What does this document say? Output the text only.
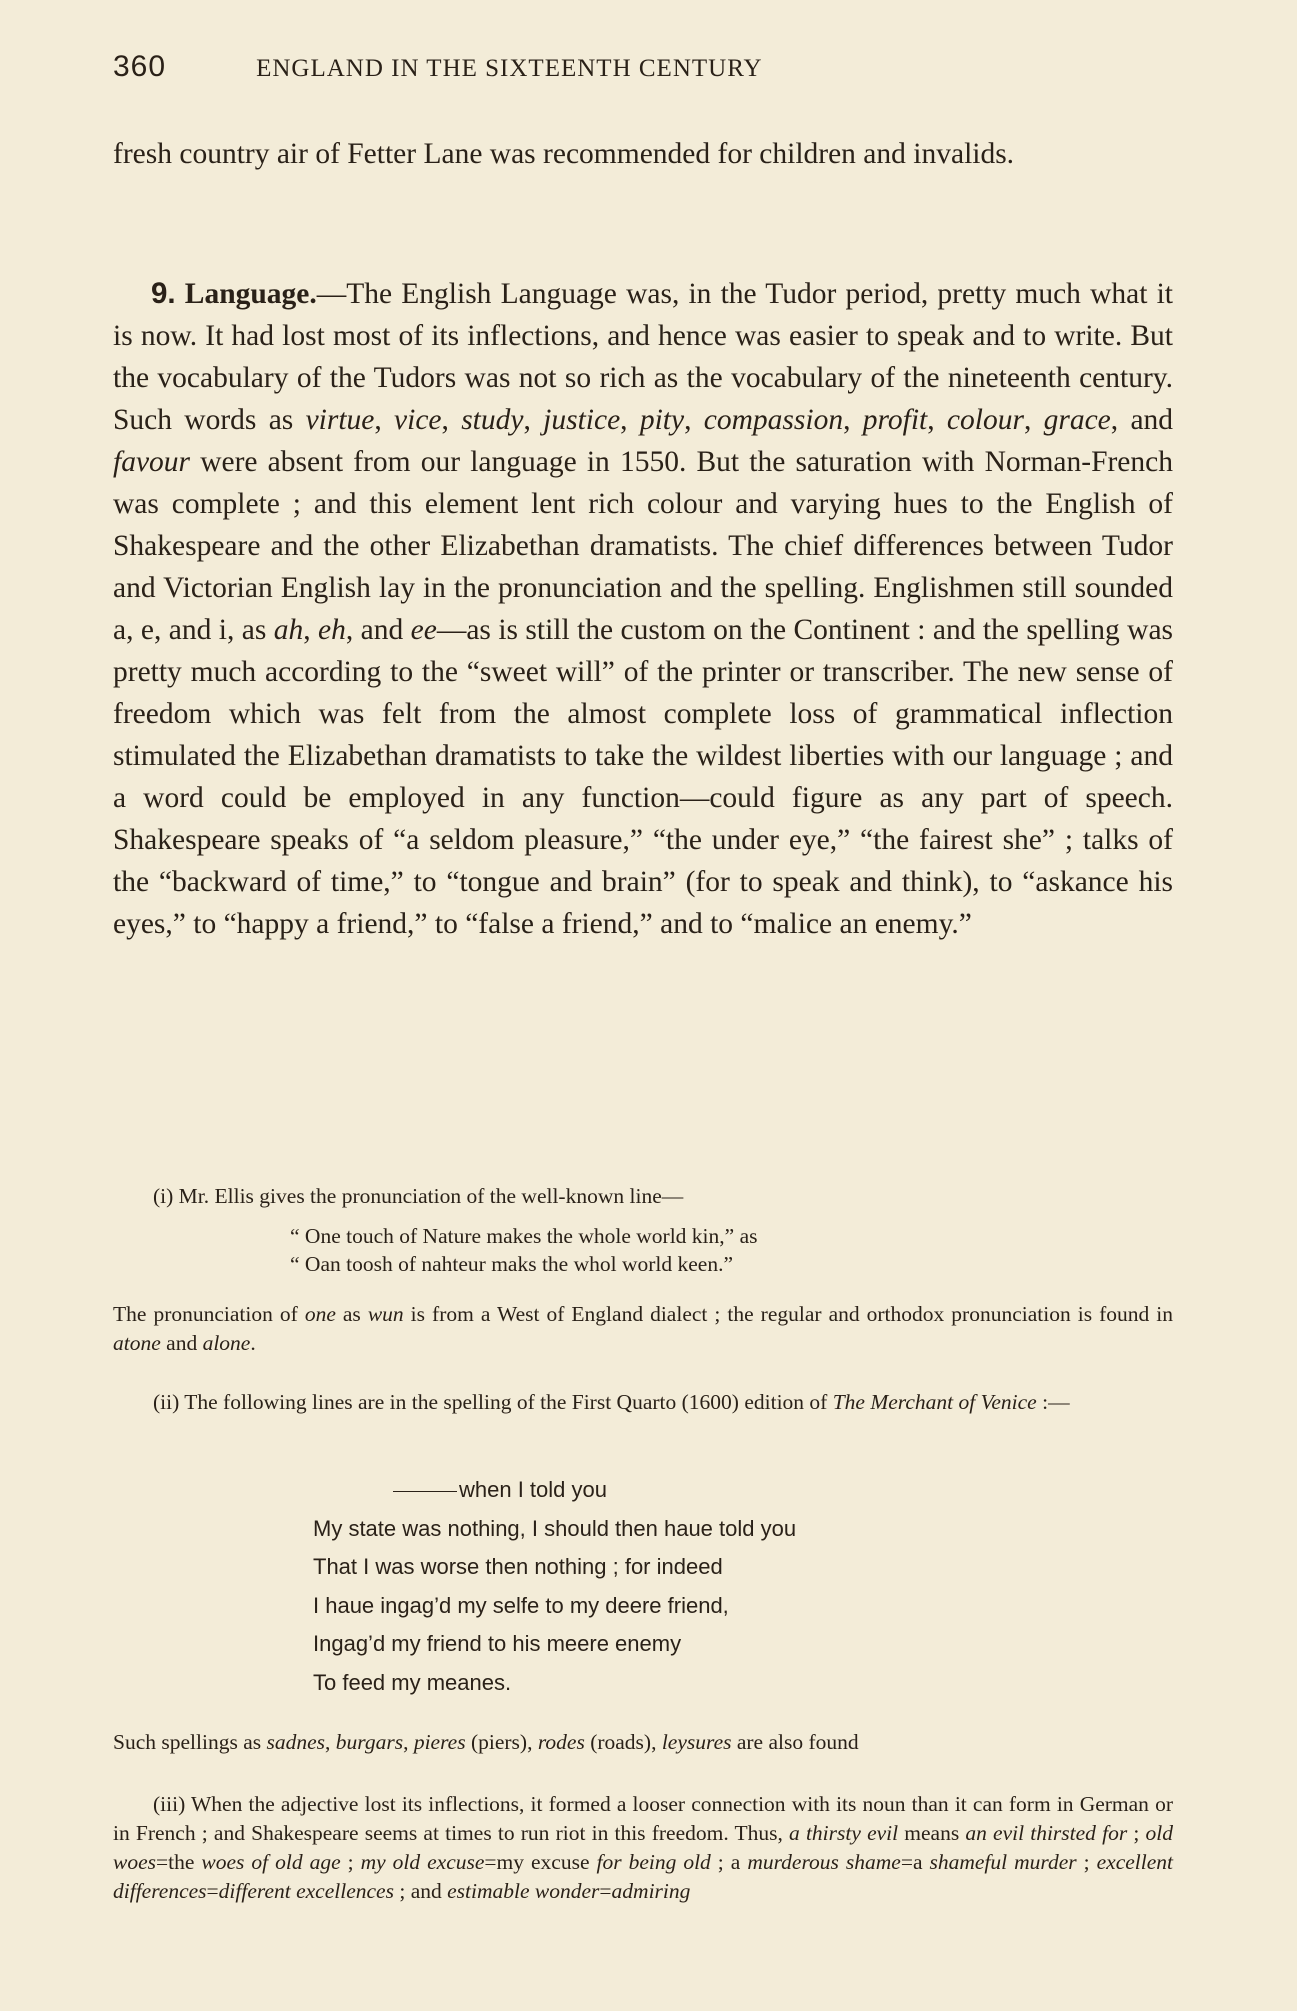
360	ENGLAND IN THE SIXTEENTH CENTURY

fresh country air of Fetter Lane was recommended for children and invalids.

9. Language.—The English Language was, in the Tudor period, pretty much what it is now. It had lost most of its inflections, and hence was easier to speak and to write. But the vocabulary of the Tudors was not so rich as the vocabulary of the nineteenth century. Such words as virtue, vice, study, justice, pity, compassion, profit, colour, grace, and favour were absent from our language in 1550. But the saturation with Norman-French was complete ; and this element lent rich colour and varying hues to the English of Shakespeare and the other Elizabethan dramatists. The chief differences between Tudor and Victorian English lay in the pronunciation and the spelling. Englishmen still sounded a, e, and i, as ah, eh, and ee—as is still the custom on the Continent : and the spelling was pretty much according to the “sweet will” of the printer or transcriber. The new sense of freedom which was felt from the almost complete loss of grammatical inflection stimulated the Elizabethan dramatists to take the wildest liberties with our language ; and a word could be employed in any function—could figure as any part of speech. Shakespeare speaks of “a seldom pleasure,” “the under eye,” “the fairest she” ; talks of the “backward of time,” to “tongue and brain” (for to speak and think), to “askance his eyes,” to “happy a friend,” to “false a friend,” and to “malice an enemy.”

(i) Mr. Ellis gives the pronunciation of the well-known line—

“ One touch of Nature makes the whole world kin,” as
“ Oan toosh of nahteur maks the whol world keen.”

The pronunciation of one as wun is from a West of England dialect ; the regular and orthodox pronunciation is found in atone and alone.

(ii) The following lines are in the spelling of the First Quarto (1600) edition of The Merchant of Venice :—

when I told you
My state was nothing, I should then haue told you
That I was worse then nothing ; for indeed
I haue ingag’d my selfe to my deere friend,
Ingag’d my friend to his meere enemy
To feed my meanes.

Such spellings as sadnes, burgars, pieres (piers), rodes (roads), leysures are also found

(iii) When the adjective lost its inflections, it formed a looser connection with its noun than it can form in German or in French ; and Shakespeare seems at times to run riot in this freedom. Thus, a thirsty evil means an evil thirsted for ; old woes=the woes of old age ; my old excuse=my excuse for being old ; a murderous shame=a shameful murder ; excellent differences=different excellences ; and estimable wonder=admiring
